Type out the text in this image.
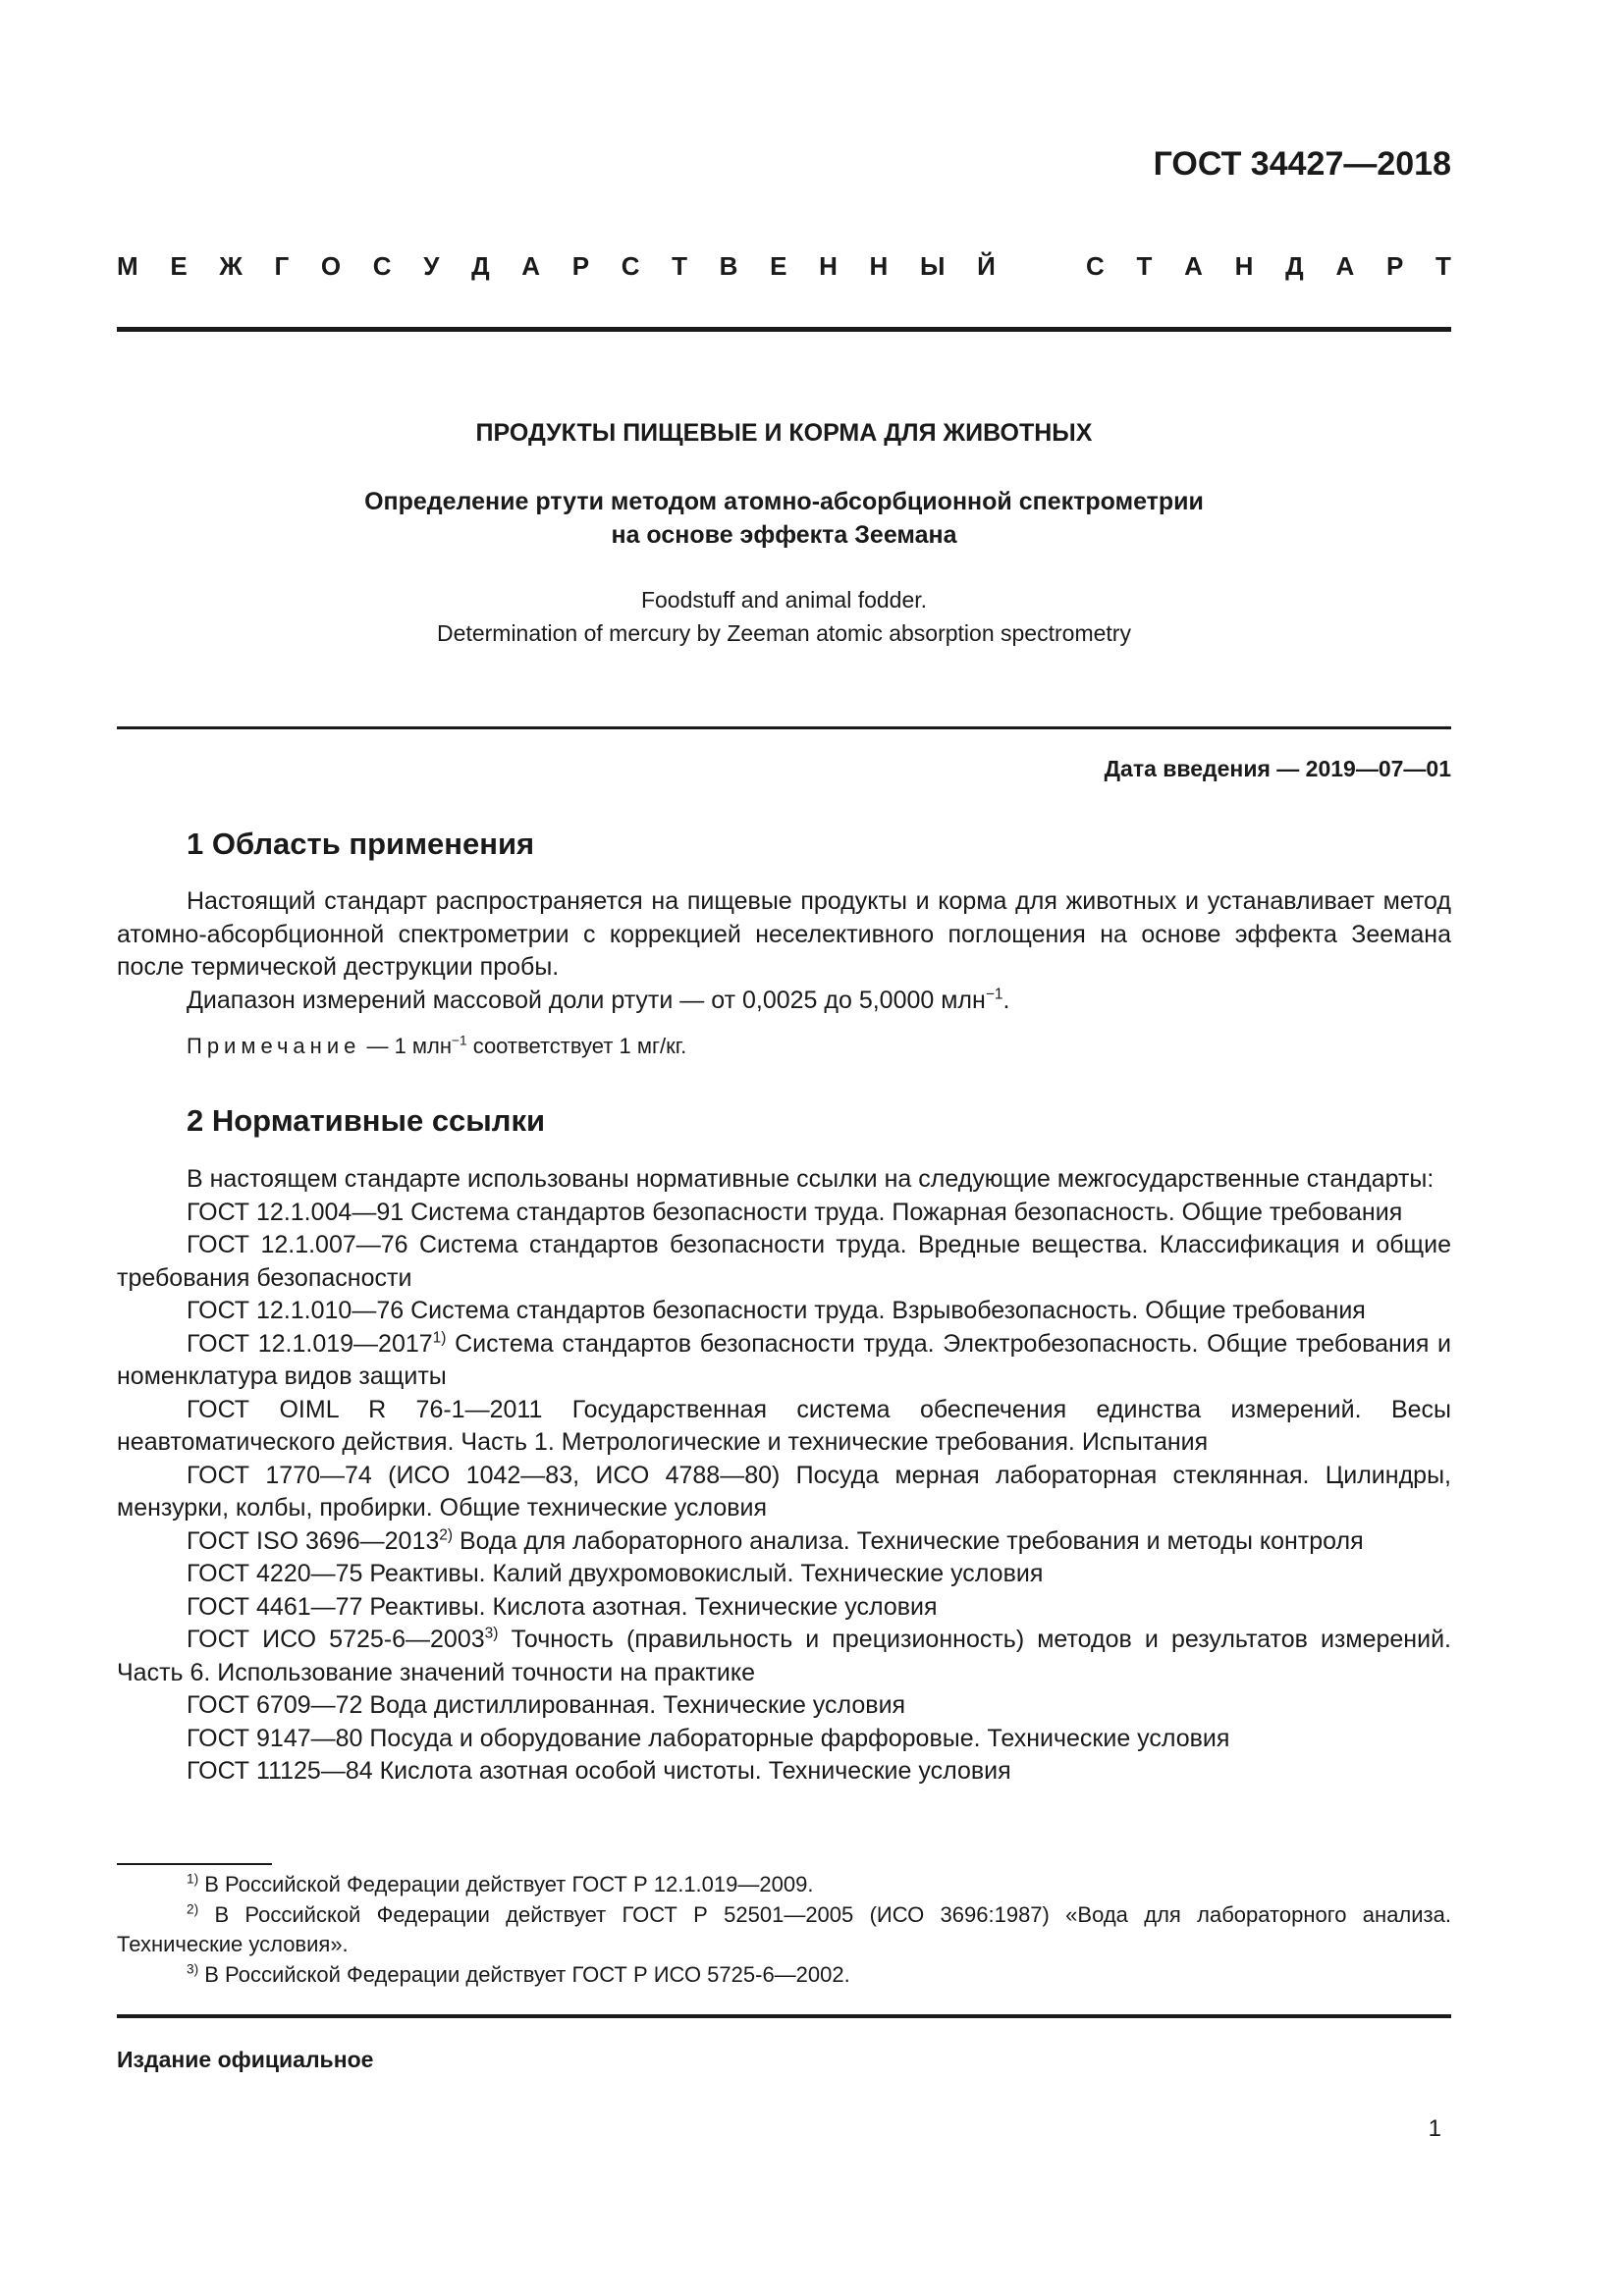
ГОСТ 34427—2018
М Е Ж Г О С У Д А Р С Т В Е Н Н Ы Й	С Т А Н Д А Р Т
ПРОДУКТЫ ПИЩЕВЫЕ И КОРМА ДЛЯ ЖИВОТНЫХ
Определение ртути методом атомно-абсорбционной спектрометрии
на основе эффекта Зеемана
Foodstuff and animal fodder.
Determination of mercury by Zeeman atomic absorption spectrometry
Дата введения — 2019—07—01
1 Область применения

Настоящий стандарт распространяется на пищевые продукты и корма для животных и устанавливает метод атомно-абсорбционной спектрометрии с коррекцией неселективного поглощения на основе эффекта Зеемана после термической деструкции пробы.

Диапазон измерений массовой доли ртути — от 0,0025 до 5,0000 млн$^{-1}$.

Примечание — 1 млн$^{-1}$ соответствует 1 мг/кг.
2 Нормативные ссылки

В настоящем стандарте использованы нормативные ссылки на следующие межгосударственные стандарты:

ГОСТ 12.1.004—91 Система стандартов безопасности труда. Пожарная безопасность. Общие требования

ГОСТ 12.1.007—76 Система стандартов безопасности труда. Вредные вещества. Классификация и общие требования безопасности

ГОСТ 12.1.010—76 Система стандартов безопасности труда. Взрывобезопасность. Общие требования

ГОСТ 12.1.019—2017$^{1)}$ Система стандартов безопасности труда. Электробезопасность. Общие требования и номенклатура видов защиты

ГОСТ OIML R 76-1—2011 Государственная система обеспечения единства измерений. Весы неавтоматического действия. Часть 1. Метрологические и технические требования. Испытания

ГОСТ 1770—74 (ИСО 1042—83, ИСО 4788—80) Посуда мерная лабораторная стеклянная. Цилиндры, мензурки, колбы, пробирки. Общие технические условия

ГОСТ ISO 3696—2013$^{2)}$ Вода для лабораторного анализа. Технические требования и методы контроля

ГОСТ 4220—75 Реактивы. Калий двухромовокислый. Технические условия

ГОСТ 4461—77 Реактивы. Кислота азотная. Технические условия

ГОСТ ИСО 5725-6—2003$^{3)}$ Точность (правильность и прецизионность) методов и результатов измерений. Часть 6. Использование значений точности на практике

ГОСТ 6709—72 Вода дистиллированная. Технические условия

ГОСТ 9147—80 Посуда и оборудование лабораторные фарфоровые. Технические условия

ГОСТ 11125—84 Кислота азотная особой чистоты. Технические условия

$^{1)}$ В Российской Федерации действует ГОСТ Р 12.1.019—2009.

$^{2)}$ В Российской Федерации действует ГОСТ Р 52501—2005 (ИСО 3696:1987) «Вода для лабораторного анализа. Технические условия».

$^{3)}$ В Российской Федерации действует ГОСТ Р ИСО 5725-6—2002.

Издание официальное
1
